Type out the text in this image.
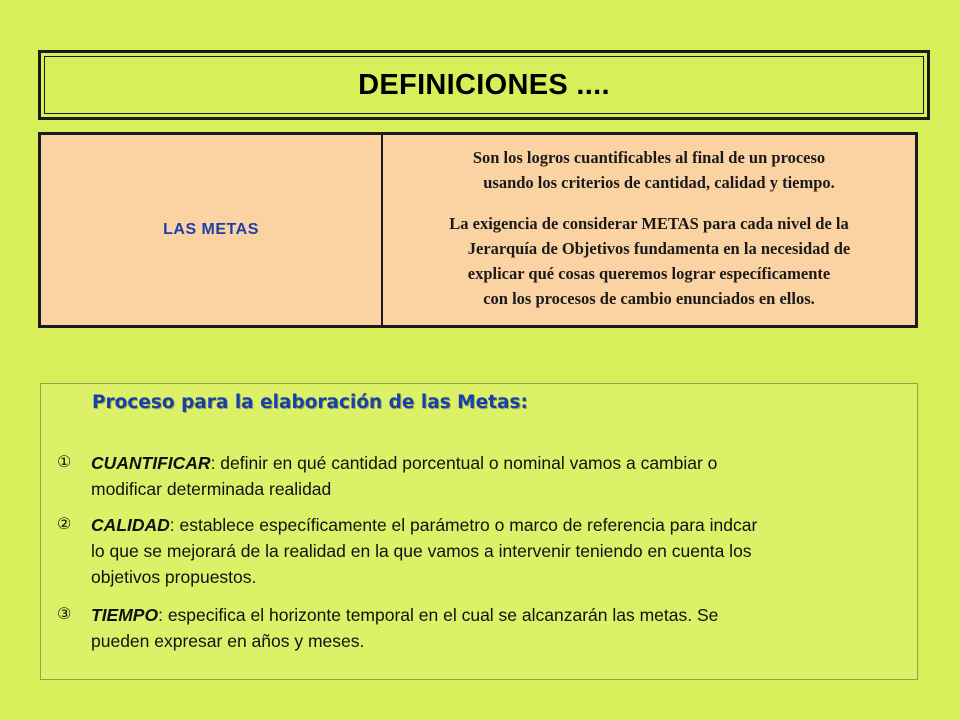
DEFINICIONES ....
LAS METAS

Son los logros cuantificables al final de un proceso

usando los criterios de cantidad, calidad y tiempo.

La exigencia de considerar METAS para cada nivel de la

Jerarquía de Objetivos fundamenta en la necesidad de

explicar qué cosas queremos lograr específicamente

con los procesos de cambio enunciados en ellos.

Proceso para la elaboración de las Metas:
① CUANTIFICAR: definir en qué cantidad porcentual o nominal vamos a cambiar o
modificar determinada realidad
② CALIDAD: establece específicamente el parámetro o marco de referencia para indcar
lo que se mejorará de la realidad en la que vamos a intervenir teniendo en cuenta los
objetivos propuestos.
③ TIEMPO: especifica el horizonte temporal en el cual se alcanzarán las metas. Se
pueden expresar en años y meses.
